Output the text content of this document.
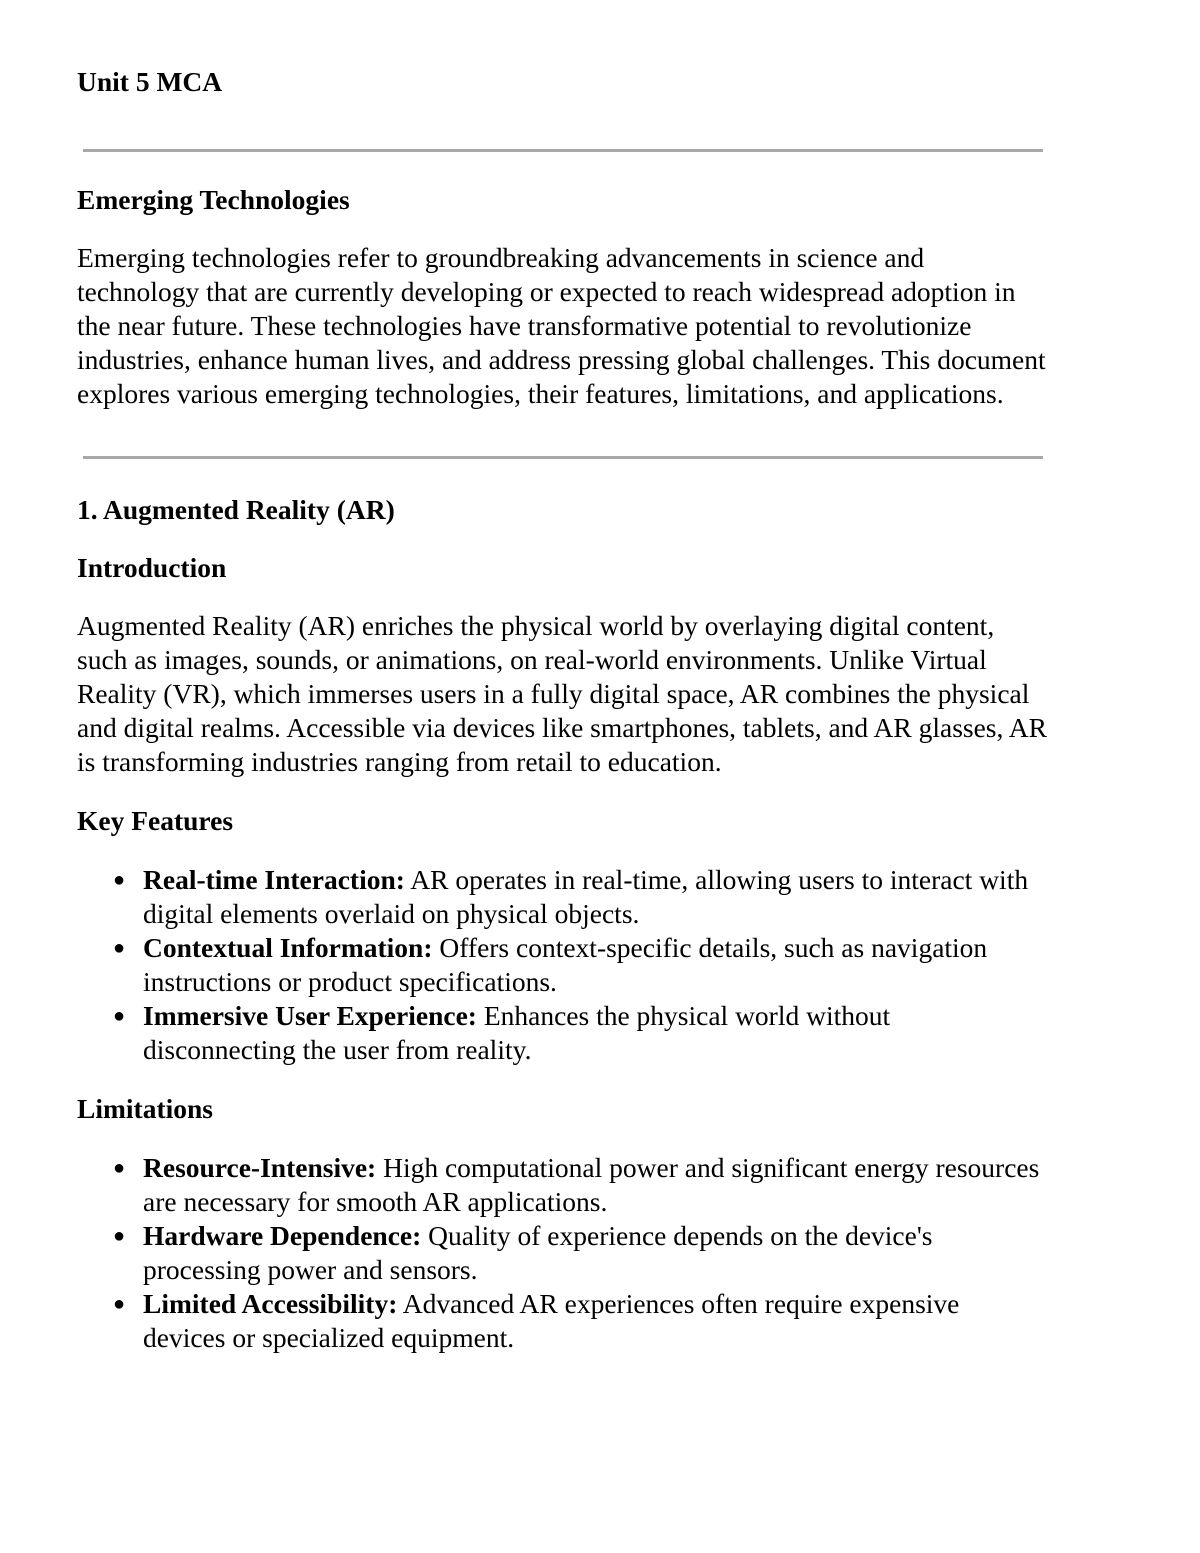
Unit 5 MCA

Emerging Technologies

Emerging technologies refer to groundbreaking advancements in science and technology that are currently developing or expected to reach widespread adoption in the near future. These technologies have transformative potential to revolutionize industries, enhance human lives, and address pressing global challenges. This document explores various emerging technologies, their features, limitations, and applications.

1. Augmented Reality (AR)
Introduction

Augmented Reality (AR) enriches the physical world by overlaying digital content, such as images, sounds, or animations, on real-world environments. Unlike Virtual Reality (VR), which immerses users in a fully digital space, AR combines the physical and digital realms. Accessible via devices like smartphones, tablets, and AR glasses, AR is transforming industries ranging from retail to education.

Key Features
● Real-time Interaction: AR operates in real-time, allowing users to interact with digital elements overlaid on physical objects.
● Contextual Information: Offers context-specific details, such as navigation instructions or product specifications.
● Immersive User Experience: Enhances the physical world without disconnecting the user from reality.
Limitations
● Resource-Intensive: High computational power and significant energy resources are necessary for smooth AR applications.
● Hardware Dependence: Quality of experience depends on the device's processing power and sensors.
● Limited Accessibility: Advanced AR experiences often require expensive devices or specialized equipment.
